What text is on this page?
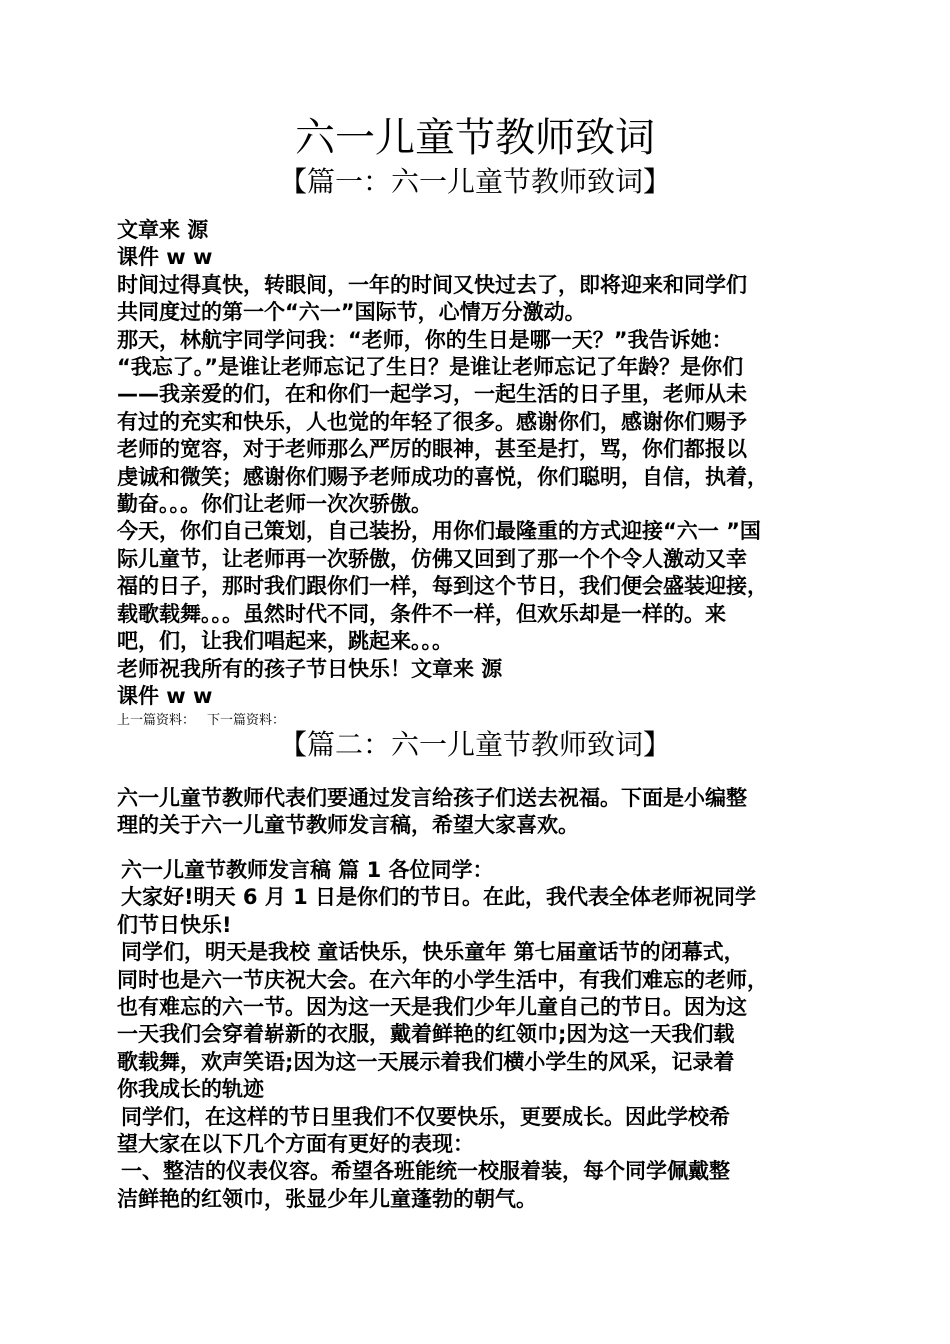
六一儿童节教师致词
【篇一：六一儿童节教师致词】

文章来 源

课件 w w

时间过得真快，转眼间，一年的时间又快过去了，即将迎来和同学们

共同度过的第一个“六一”国际节，心情万分激动。

那天，林航宇同学问我：“老师，你的生日是哪一天？”我告诉她：

“我忘了。”是谁让老师忘记了生日？是谁让老师忘记了年龄？是你们

——我亲爱的们，在和你们一起学习，一起生活的日子里，老师从未

有过的充实和快乐，人也觉的年轻了很多。感谢你们，感谢你们赐予

老师的宽容，对于老师那么严厉的眼神，甚至是打，骂，你们都报以

虔诚和微笑；感谢你们赐予老师成功的喜悦，你们聪明，自信，执着，

勤奋。。。你们让老师一次次骄傲。

今天，你们自己策划，自己装扮，用你们最隆重的方式迎接“六一 ”国

际儿童节，让老师再一次骄傲，仿佛又回到了那一个个令人激动又幸

福的日子，那时我们跟你们一样，每到这个节日，我们便会盛装迎接，

载歌载舞。。。虽然时代不同，条件不一样，但欢乐却是一样的。来

吧，们，让我们唱起来，跳起来。。。

老师祝我所有的孩子节日快乐！文章来 源

课件 w w

上一篇资料： 下一篇资料：
【篇二：六一儿童节教师致词】

六一儿童节教师代表们要通过发言给孩子们送去祝福。下面是小编整

理的关于六一儿童节教师发言稿，希望大家喜欢。

六一儿童节教师发言稿 篇 1 各位同学：

大家好!明天 6 月 1 日是你们的节日。在此，我代表全体老师祝同学

们节日快乐!

同学们，明天是我校 童话快乐，快乐童年 第七届童话节的闭幕式，

同时也是六一节庆祝大会。在六年的小学生活中，有我们难忘的老师，

也有难忘的六一节。因为这一天是我们少年儿童自己的节日。因为这

一天我们会穿着崭新的衣服，戴着鲜艳的红领巾;因为这一天我们载

歌载舞，欢声笑语;因为这一天展示着我们横小学生的风采，记录着

你我成长的轨迹

同学们，在这样的节日里我们不仅要快乐，更要成长。因此学校希

望大家在以下几个方面有更好的表现：

一、整洁的仪表仪容。希望各班能统一校服着装，每个同学佩戴整

洁鲜艳的红领巾，张显少年儿童蓬勃的朝气。
